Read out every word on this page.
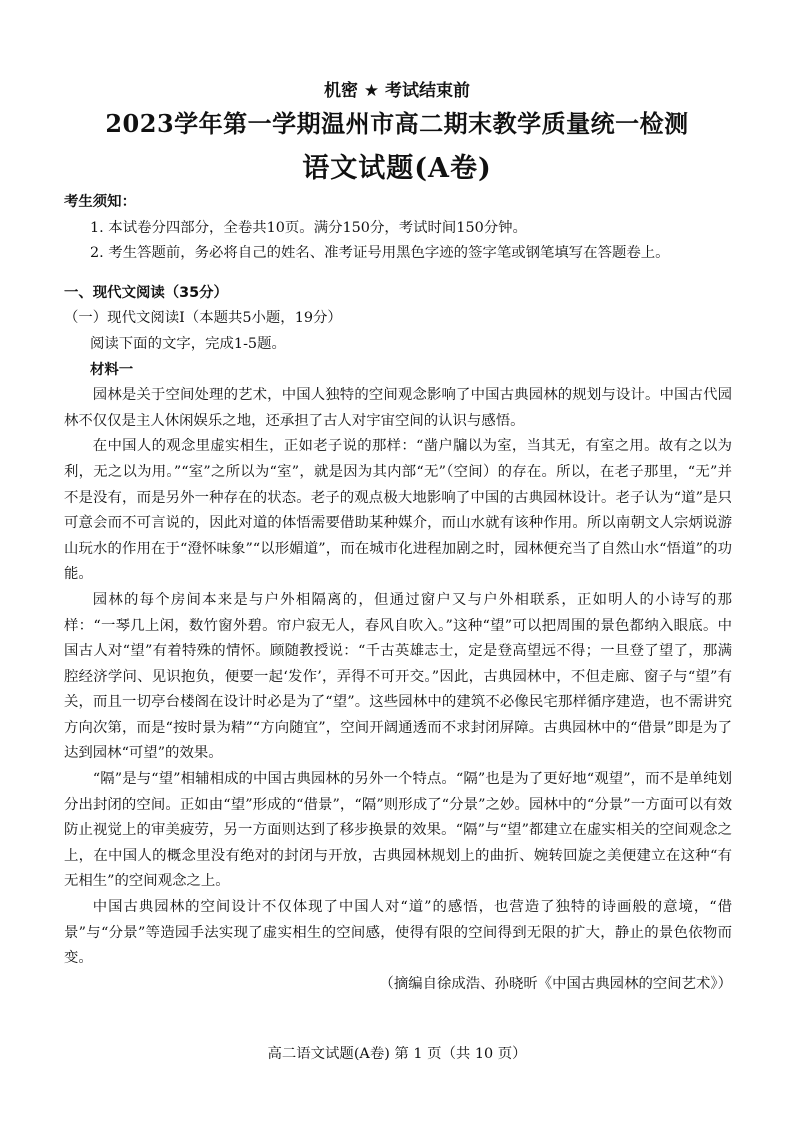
机密 ★ 考试结束前
2023学年第一学期温州市高二期末教学质量统一检测
语文试题(A卷)

考生须知：

1. 本试卷分四部分，全卷共10页。满分150分，考试时间150分钟。

2. 考生答题前，务必将自己的姓名、准考证号用黑色字迹的签字笔或钢笔填写在答题卷上。

一、现代文阅读（35分）

（一）现代文阅读Ⅰ（本题共5小题，19分）

阅读下面的文字，完成1-5题。

材料一

园林是关于空间处理的艺术，中国人独特的空间观念影响了中国古典园林的规划与设计。中国古代园林不仅仅是主人休闲娱乐之地，还承担了古人对宇宙空间的认识与感悟。

在中国人的观念里虚实相生，正如老子说的那样：“凿户牖以为室，当其无，有室之用。故有之以为利，无之以为用。”“室”之所以为“室”，就是因为其内部“无”（空间）的存在。所以，在老子那里，“无”并不是没有，而是另外一种存在的状态。老子的观点极大地影响了中国的古典园林设计。老子认为“道”是只可意会而不可言说的，因此对道的体悟需要借助某种媒介，而山水就有该种作用。所以南朝文人宗炳说游山玩水的作用在于“澄怀味象”“以形媚道”，而在城市化进程加剧之时，园林便充当了自然山水“悟道”的功能。

园林的每个房间本来是与户外相隔离的，但通过窗户又与户外相联系，正如明人的小诗写的那样：“一琴几上闲，数竹窗外碧。帘户寂无人，春风自吹入。”这种“望”可以把周围的景色都纳入眼底。中国古人对“望”有着特殊的情怀。顾随教授说：“千古英雄志士，定是登高望远不得；一旦登了望了，那满腔经济学问、见识抱负，便要一起‘发作’，弄得不可开交。”因此，古典园林中，不但走廊、窗子与“望”有关，而且一切亭台楼阁在设计时必是为了“望”。这些园林中的建筑不必像民宅那样循序建造，也不需讲究方向次第，而是“按时景为精”“方向随宜”，空间开阔通透而不求封闭屏障。古典园林中的“借景”即是为了达到园林“可望”的效果。

“隔”是与“望”相辅相成的中国古典园林的另外一个特点。“隔”也是为了更好地“观望”，而不是单纯划分出封闭的空间。正如由“望”形成的“借景”，“隔”则形成了“分景”之妙。园林中的“分景”一方面可以有效防止视觉上的审美疲劳，另一方面则达到了移步换景的效果。“隔”与“望”都建立在虚实相关的空间观念之上，在中国人的概念里没有绝对的封闭与开放，古典园林规划上的曲折、婉转回旋之美便建立在这种“有无相生”的空间观念之上。

中国古典园林的空间设计不仅体现了中国人对“道”的感悟，也营造了独特的诗画般的意境，“借景”与“分景”等造园手法实现了虚实相生的空间感，使得有限的空间得到无限的扩大，静止的景色依物而变。

（摘编自徐成浩、孙晓昕《中国古典园林的空间艺术》）

高二语文试题(A卷) 第 1 页（共 10 页）
